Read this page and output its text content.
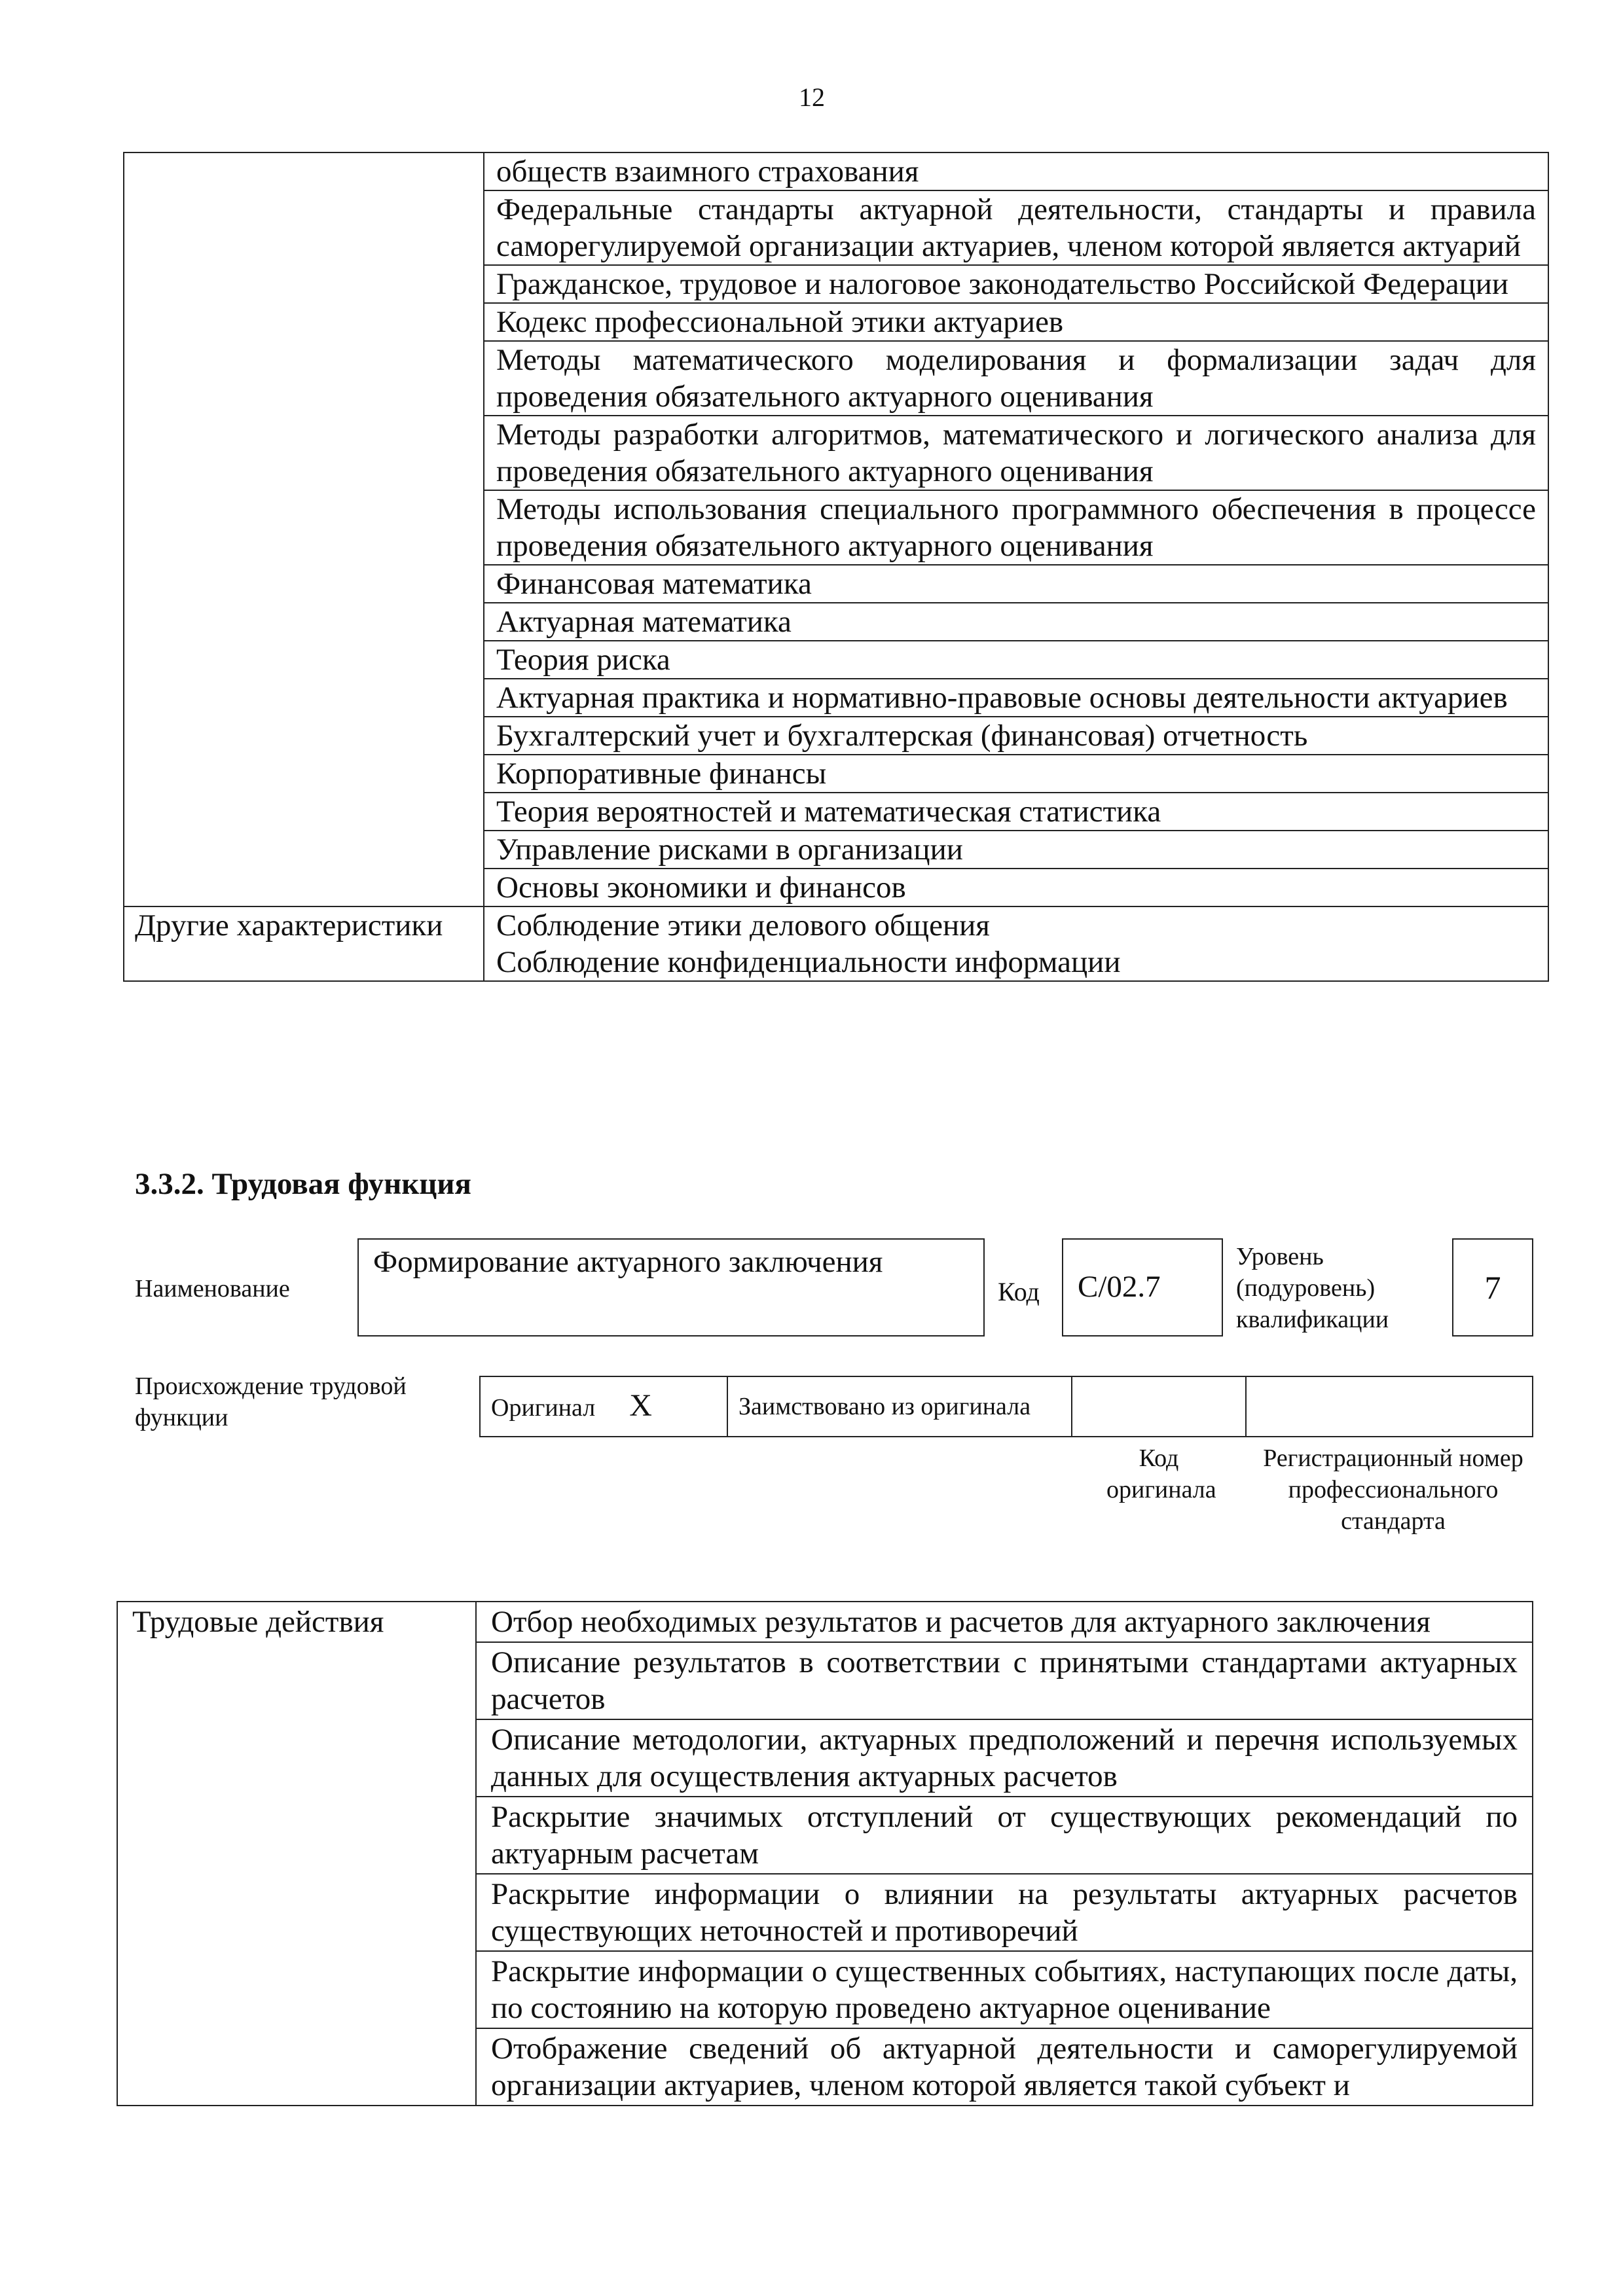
12
	обществ взаимного страхования
	Федеральные стандарты актуарной деятельности, стандарты и правила саморегулируемой организации актуариев, членом которой является актуарий
	Гражданское, трудовое и налоговое законодательство Российской Федерации
	Кодекс профессиональной этики актуариев
	Методы математического моделирования и формализации задач для проведения обязательного актуарного оценивания
	Методы разработки алгоритмов, математического и логического анализа для проведения обязательного актуарного оценивания
	Методы использования специального программного обеспечения в процессе проведения обязательного актуарного оценивания
	Финансовая математика
	Актуарная математика
	Теория риска
	Актуарная практика и нормативно-правовые основы деятельности актуариев
	Бухгалтерский учет и бухгалтерская (финансовая) отчетность
	Корпоративные финансы
	Теория вероятностей и математическая статистика
	Управление рисками в организации
	Основы экономики и финансов
Другие характеристики	Соблюдение этики делового общения
Соблюдение конфиденциальности информации
3.3.2. Трудовая функция
Наименование
Формирование актуарного заключения
Код	C/02.7
Уровень (подуровень) квалификации
7
Происхождение трудовой функции	Оригинал X	Заимствовано из оригинала		
Код оригинала
Регистрационный номер профессионального стандарта
Трудовые действия	Отбор необходимых результатов и расчетов для актуарного заключения
Описание результатов в соответствии с принятыми стандартами актуарных расчетов
Описание методологии, актуарных предположений и перечня используемых данных для осуществления актуарных расчетов
Раскрытие значимых отступлений от существующих рекомендаций по актуарным расчетам
Раскрытие информации о влиянии на результаты актуарных расчетов существующих неточностей и противоречий
Раскрытие информации о существенных событиях, наступающих после даты, по состоянию на которую проведено актуарное оценивание
Отображение сведений об актуарной деятельности и саморегулируемой организации актуариев, членом которой является такой субъект и
